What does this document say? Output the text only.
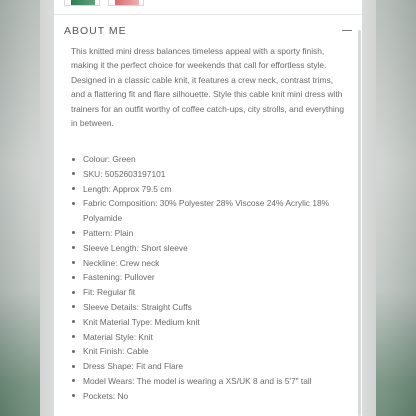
ABOUT ME

This knitted mini dress balances timeless appeal with a sporty finish, making it the perfect choice for weekends that call for effortless style. Designed in a classic cable knit, it features a crew neck, contrast trims, and a flattering fit and flare silhouette. Style this cable knit mini dress with trainers for an outfit worthy of coffee catch-ups, city strolls, and everything in between.

Colour: Green
SKU: 5052603197101
Length: Approx 79.5 cm
Fabric Composition: 30% Polyester 28% Viscose 24% Acrylic 18% Polyamide
Pattern: Plain
Sleeve Length: Short sleeve
Neckline: Crew neck
Fastening: Pullover
Fit: Regular fit
Sleeve Details: Straight Cuffs
Knit Material Type: Medium knit
Material Style: Knit
Knit Finish: Cable
Dress Shape: Fit and Flare
Model Wears: The model is wearing a XS/UK 8 and is 5'7" tall
Pockets: No
